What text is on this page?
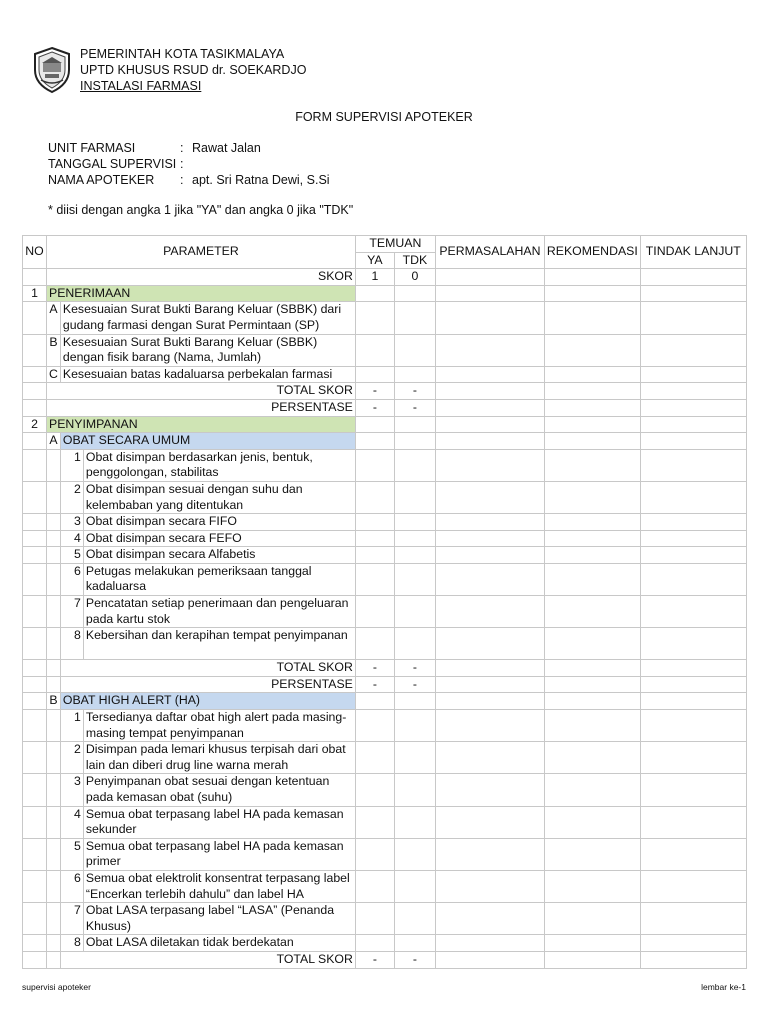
PEMERINTAH KOTA TASIKMALAYA
UPTD KHUSUS RSUD dr. SOEKARDJO
INSTALASI FARMASI
FORM SUPERVISI APOTEKER
UNIT FARMASI	: Rawat Jalan
TANGGAL SUPERVISI :
NAMA APOTEKER : apt. Sri Ratna Dewi, S.Si
* diisi dengan angka 1 jika "YA" dan angka 0 jika "TDK"
NO	PARAMETER			TEMUAN		PERMASALAHAN	REKOMENDASI	TINDAK LANJUT
				YA	TDK			
	SKOR			1	0			
1	PENERIMAAN							
	A	Kesesuaian Surat Bukti Barang Keluar (SBBK) dari gudang farmasi dengan Surat Permintaan (SP)						
	B	Kesesuaian Surat Bukti Barang Keluar (SBBK) dengan fisik barang (Nama, Jumlah)						
	C	Kesesuaian batas kadaluarsa perbekalan farmasi						
	TOTAL SKOR			-	-			
	PERSENTASE			-	-			
2	PENYIMPANAN							
	A	OBAT SECARA UMUM						
		1	Obat disimpan berdasarkan jenis, bentuk, penggolongan, stabilitas					
		2	Obat disimpan sesuai dengan suhu dan kelembaban yang ditentukan					
		3	Obat disimpan secara FIFO					
		4	Obat disimpan secara FEFO					
		5	Obat disimpan secara Alfabetis					
		6	Petugas melakukan pemeriksaan tanggal kadaluarsa					
		7	Pencatatan setiap penerimaan dan pengeluaran pada kartu stok					
		8	Kebersihan dan kerapihan tempat penyimpanan					
		TOTAL SKOR		-	-			
		PERSENTASE		-	-			
	B	OBAT HIGH ALERT (HA)						
		1	Tersedianya daftar obat high alert pada masing-masing tempat penyimpanan					
		2	Disimpan pada lemari khusus terpisah dari obat lain dan diberi drug line warna merah					
		3	Penyimpanan obat sesuai dengan ketentuan pada kemasan obat (suhu)					
		4	Semua obat terpasang label HA pada kemasan sekunder					
		5	Semua obat terpasang label HA pada kemasan primer					
		6	Semua obat elektrolit konsentrat terpasang label “Encerkan terlebih dahulu” dan label HA					
		7	Obat LASA terpasang label “LASA” (Penanda Khusus)					
		8	Obat LASA diletakan tidak berdekatan					
		TOTAL SKOR		-	-			
supervisi apoteker	lembar ke-1
